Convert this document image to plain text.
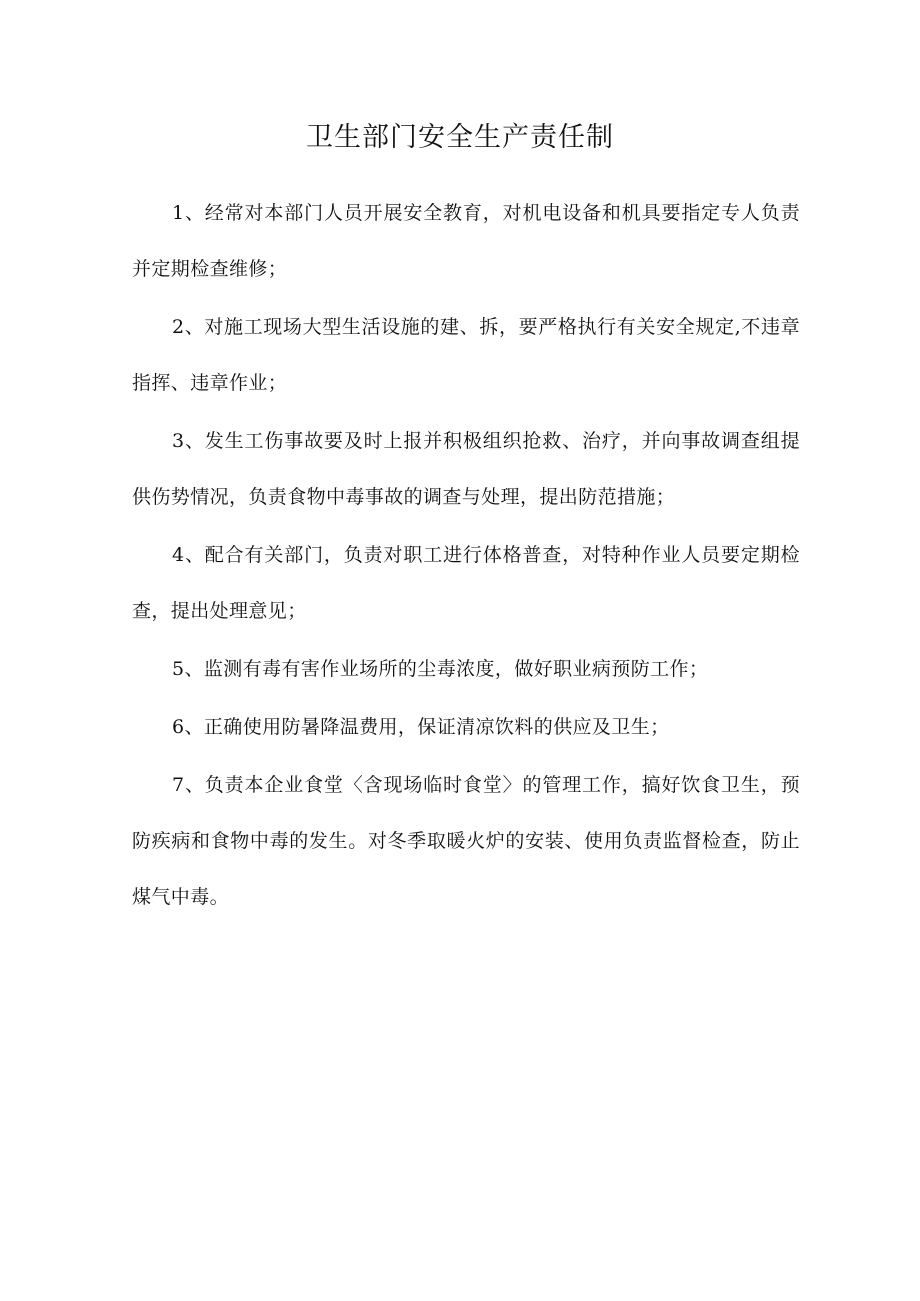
卫生部门安全生产责任制

1、经常对本部门人员开展安全教育，对机电设备和机具要指定专人负责并定期检查维修；

2、对施工现场大型生活设施的建、拆，要严格执行有关安全规定,不违章指挥、违章作业；

3、发生工伤事故要及时上报并积极组织抢救、治疗，并向事故调查组提供伤势情况，负责食物中毒事故的调查与处理，提出防范措施；

4、配合有关部门，负责对职工进行体格普查，对特种作业人员要定期检查，提出处理意见；

5、监测有毒有害作业场所的尘毒浓度，做好职业病预防工作；

6、正确使用防暑降温费用，保证清凉饮料的供应及卫生；

7、负责本企业食堂〈含现场临时食堂〉的管理工作，搞好饮食卫生，预防疾病和食物中毒的发生。对冬季取暖火炉的安装、使用负责监督检查，防止煤气中毒。
